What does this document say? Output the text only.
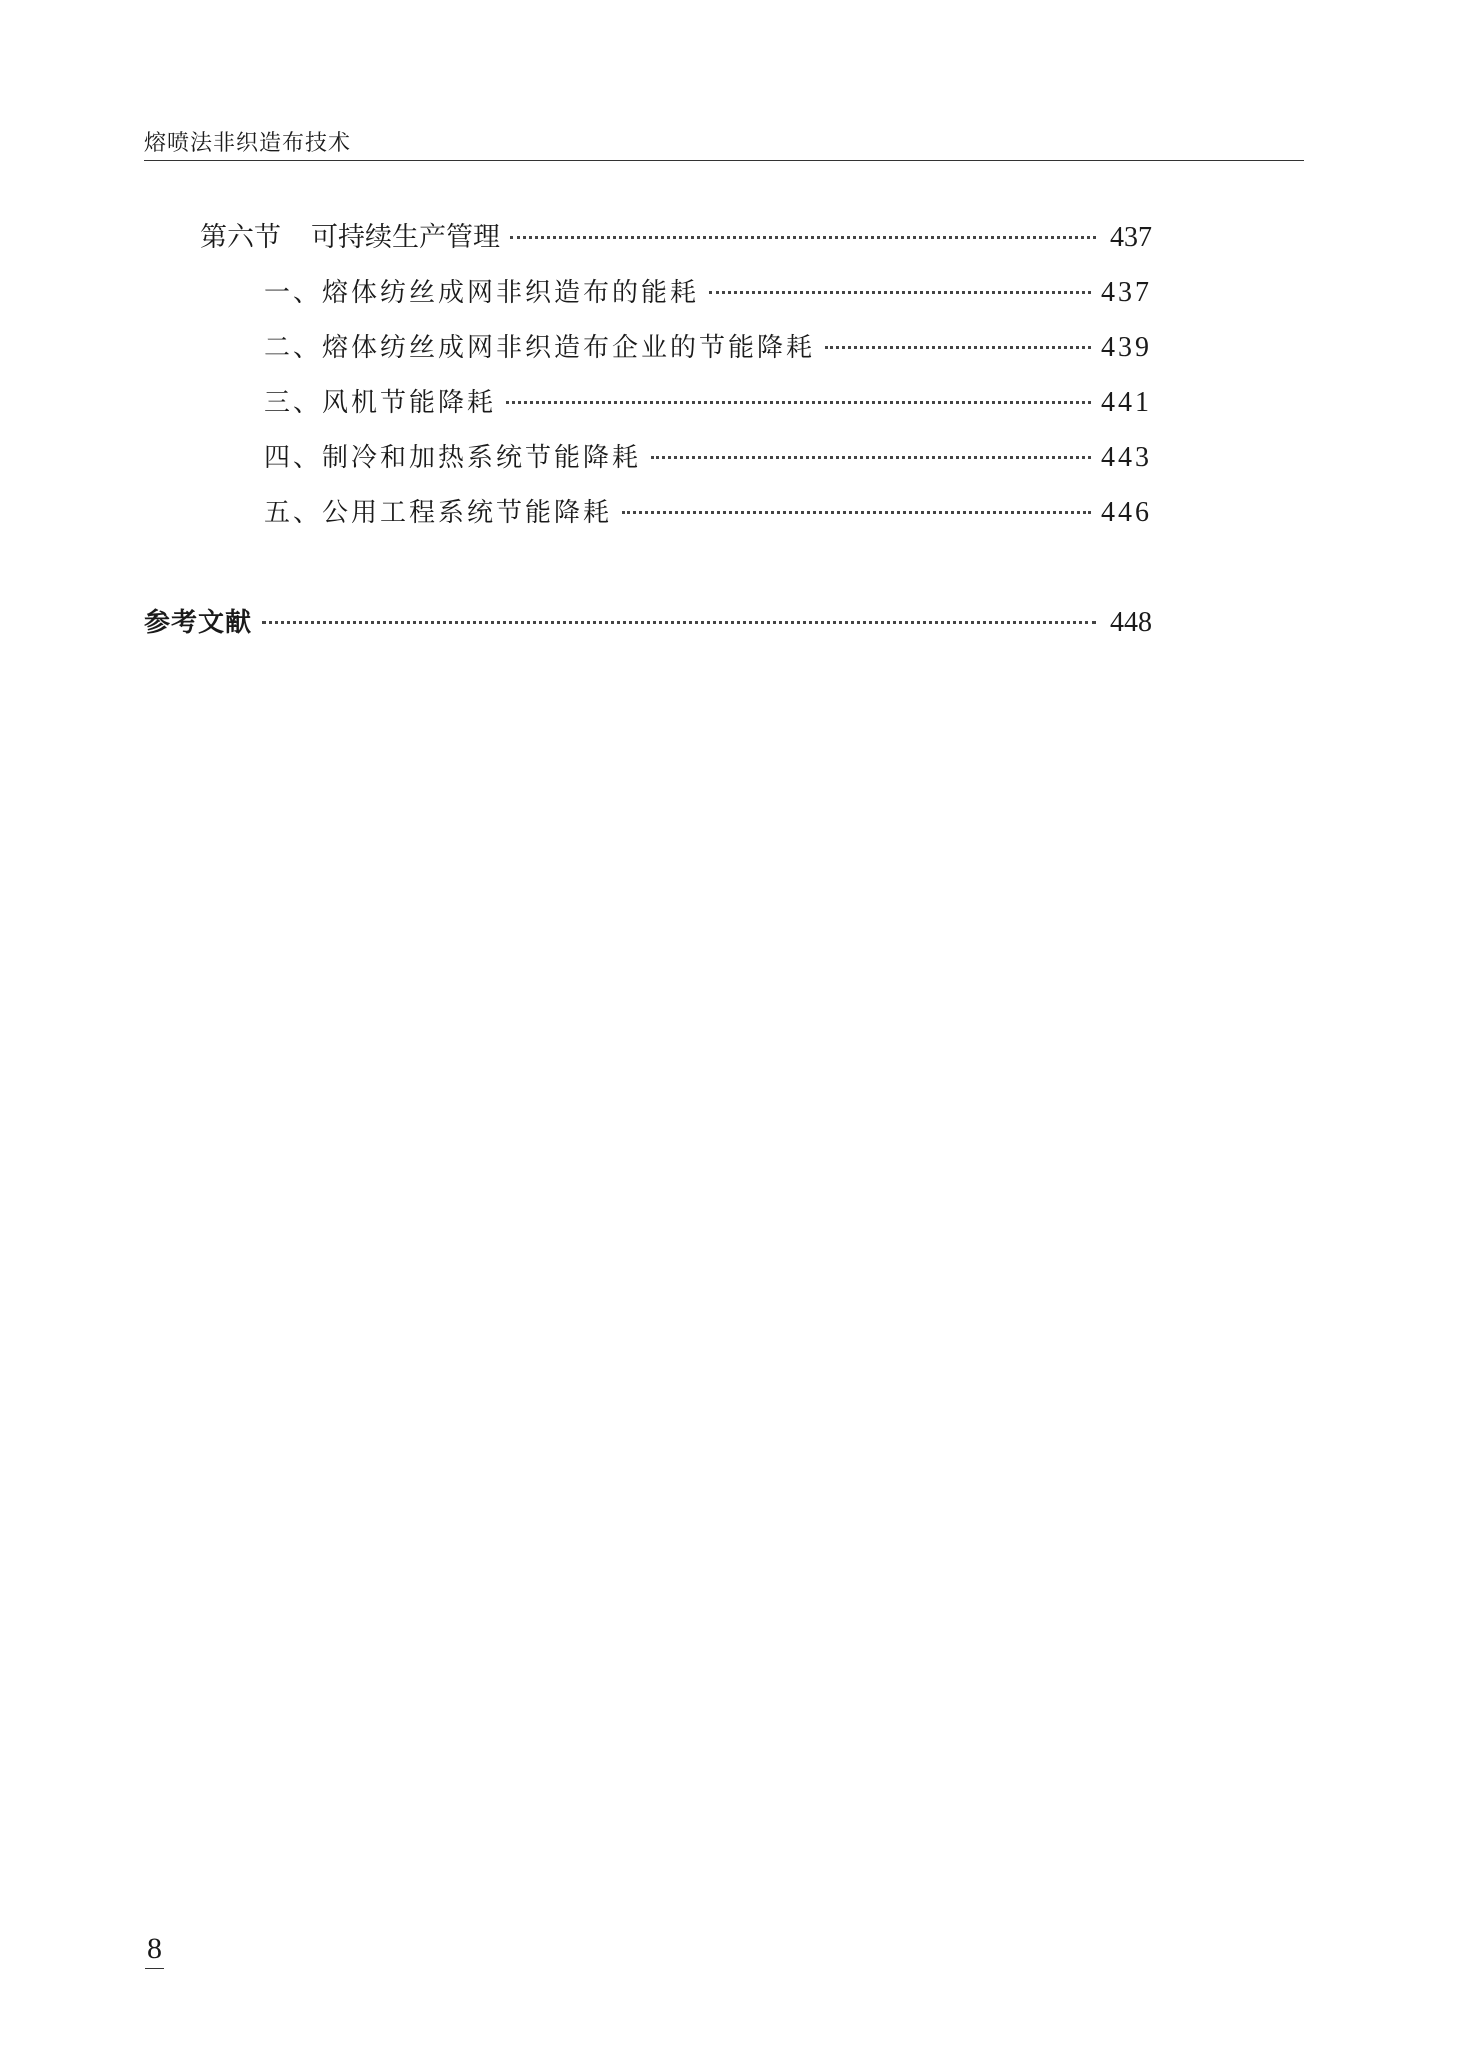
熔喷法非织造布技术
第六节 可持续生产管理	437
一、熔体纺丝成网非织造布的能耗	437
二、熔体纺丝成网非织造布企业的节能降耗	439
三、风机节能降耗	441
四、制冷和加热系统节能降耗	443
五、公用工程系统节能降耗	446
参考文献	448
8
